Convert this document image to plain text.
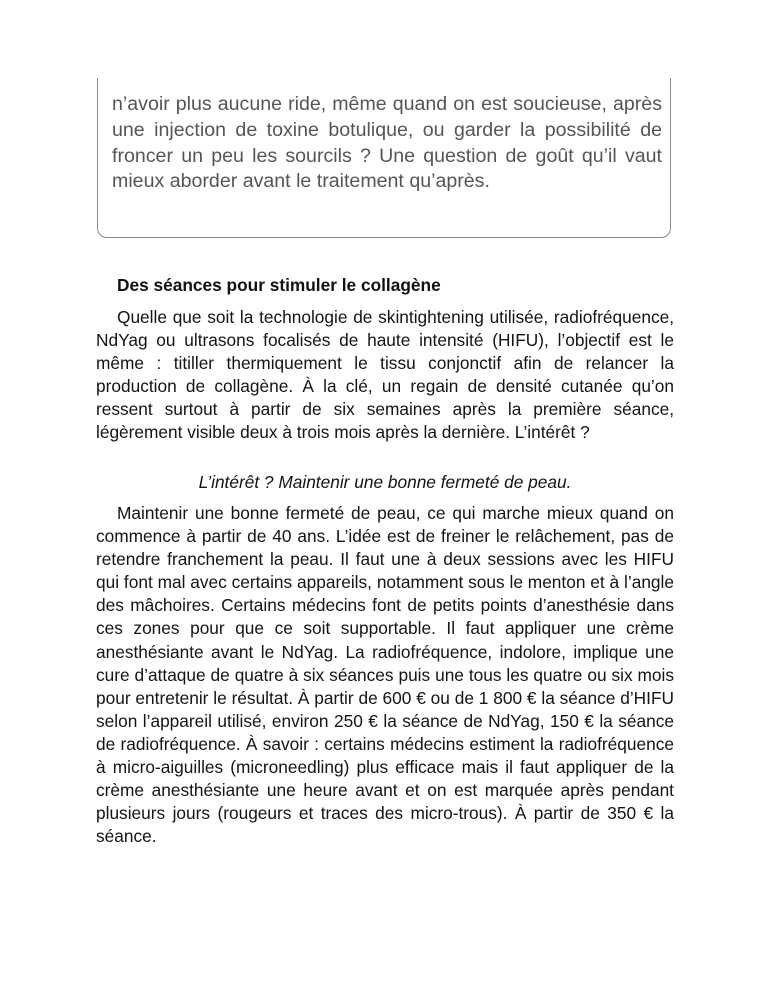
n’avoir plus aucune ride, même quand on est soucieuse, après une injection de toxine botulique, ou garder la possibilité de froncer un peu les sourcils ? Une question de goût qu’il vaut mieux aborder avant le traitement qu’après.

Des séances pour stimuler le collagène

Quelle que soit la technologie de skintightening utilisée, radiofréquence, NdYag ou ultrasons focalisés de haute intensité (HIFU), l’objectif est le même : titiller thermiquement le tissu conjonctif afin de relancer la production de collagène. À la clé, un regain de densité cutanée qu’on ressent surtout à partir de six semaines après la première séance, légèrement visible deux à trois mois après la dernière. L’intérêt ?

L’intérêt ? Maintenir une bonne fermeté de peau.

Maintenir une bonne fermeté de peau, ce qui marche mieux quand on commence à partir de 40 ans. L’idée est de freiner le relâchement, pas de retendre franchement la peau. Il faut une à deux sessions avec les HIFU qui font mal avec certains appareils, notamment sous le menton et à l’angle des mâchoires. Certains médecins font de petits points d’anesthésie dans ces zones pour que ce soit supportable. Il faut appliquer une crème anesthésiante avant le NdYag. La radiofréquence, indolore, implique une cure d’attaque de quatre à six séances puis une tous les quatre ou six mois pour entretenir le résultat. À partir de 600 € ou de 1 800 € la séance d’HIFU selon l’appareil utilisé, environ 250 € la séance de NdYag, 150 € la séance de radiofréquence. À savoir : certains médecins estiment la radiofréquence à micro-aiguilles (microneedling) plus efficace mais il faut appliquer de la crème anesthésiante une heure avant et on est marquée après pendant plusieurs jours (rougeurs et traces des micro-trous). À partir de 350 € la séance.
